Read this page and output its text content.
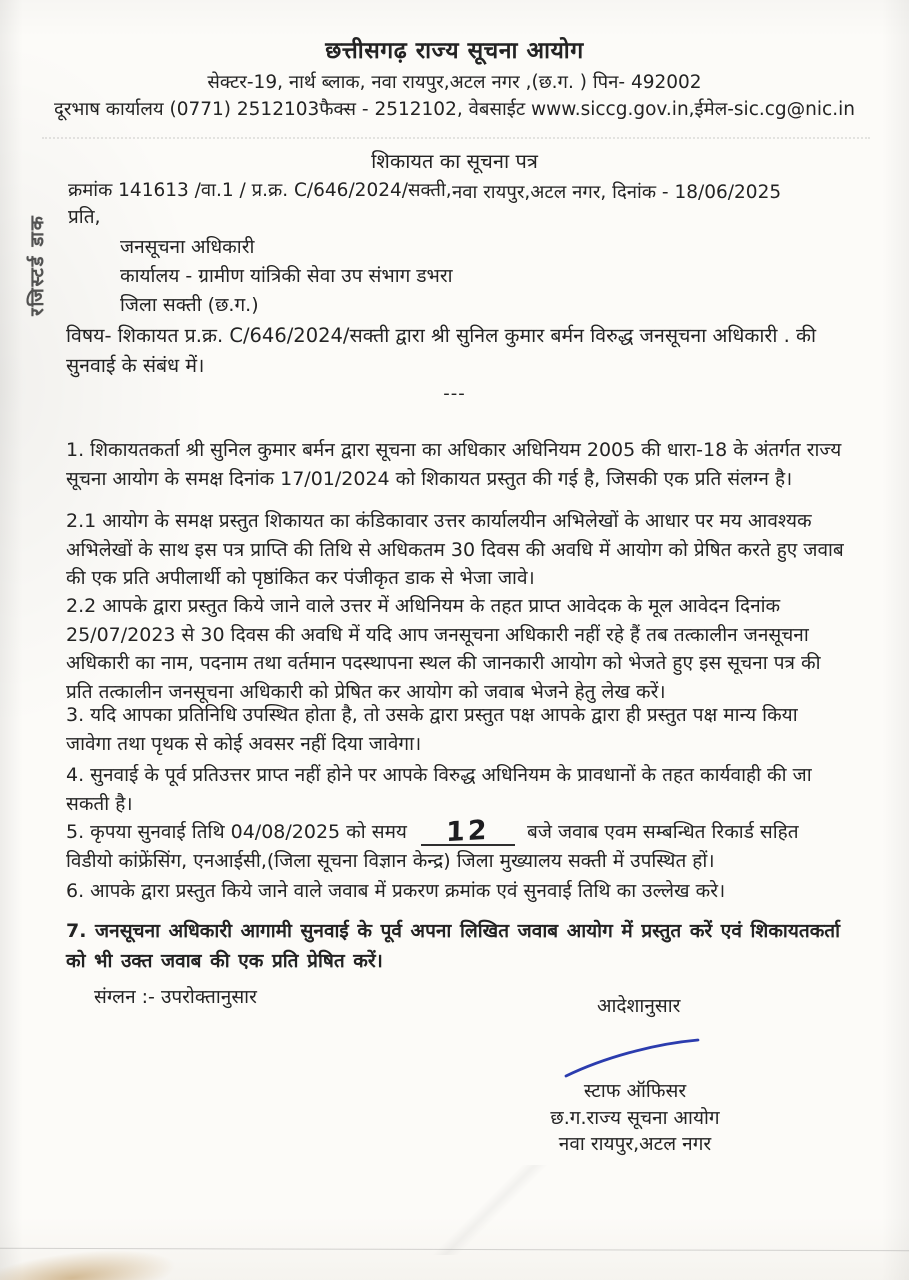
रजिस्टर्ड डाक
छत्तीसगढ़ राज्य सूचना आयोग
सेक्टर-19, नार्थ ब्लाक, नवा रायपुर,अटल नगर ,(छ.ग. ) पिन- 492002
दूरभाष कार्यालय (0771) 2512103फैक्स - 2512102, वेबसाईट www.siccg.gov.in,ईमेल-sic.cg@nic.in
शिकायत का सूचना पत्र
क्रमांक 141613 /वा.1 / प्र.क्र. C/646/2024/सक्ती, नवा रायपुर,अटल नगर, दिनांक - 18/06/2025
प्रति,
जनसूचना अधिकारी
कार्यालय - ग्रामीण यांत्रिकी सेवा उप संभाग डभरा
जिला सक्ती (छ.ग.)
विषय- शिकायत प्र.क्र. C/646/2024/सक्ती द्वारा श्री सुनिल कुमार बर्मन विरुद्ध जनसूचना अधिकारी . की सुनवाई के संबंध में।
---
1. शिकायतकर्ता श्री सुनिल कुमार बर्मन द्वारा सूचना का अधिकार अधिनियम 2005 की धारा-18 के अंतर्गत राज्य सूचना आयोग के समक्ष दिनांक 17/01/2024 को शिकायत प्रस्तुत की गई है, जिसकी एक प्रति संलग्न है।
2.1 आयोग के समक्ष प्रस्तुत शिकायत का कंडिकावार उत्तर कार्यालयीन अभिलेखों के आधार पर मय आवश्यक अभिलेखों के साथ इस पत्र प्राप्ति की तिथि से अधिकतम 30 दिवस की अवधि में आयोग को प्रेषित करते हुए जवाब की एक प्रति अपीलार्थी को पृष्ठांकित कर पंजीकृत डाक से भेजा जावे।
2.2 आपके द्वारा प्रस्तुत किये जाने वाले उत्तर में अधिनियम के तहत प्राप्त आवेदक के मूल आवेदन दिनांक 25/07/2023 से 30 दिवस की अवधि में यदि आप जनसूचना अधिकारी नहीं रहे हैं तब तत्कालीन जनसूचना अधिकारी का नाम, पदनाम तथा वर्तमान पदस्थापना स्थल की जानकारी आयोग को भेजते हुए इस सूचना पत्र की प्रति तत्कालीन जनसूचना अधिकारी को प्रेषित कर आयोग को जवाब भेजने हेतु लेख करें।
3. यदि आपका प्रतिनिधि उपस्थित होता है, तो उसके द्वारा प्रस्तुत पक्ष आपके द्वारा ही प्रस्तुत पक्ष मान्य किया जावेगा तथा पृथक से कोई अवसर नहीं दिया जावेगा।
4. सुनवाई के पूर्व प्रतिउत्तर प्राप्त नहीं होने पर आपके विरुद्ध अधिनियम के प्रावधानों के तहत कार्यवाही की जा सकती है।
5. कृपया सुनवाई तिथि 04/08/2025 को समय 12 बजे जवाब एवम सम्बन्धित रिकार्ड सहित विडीयो कांफ्रेंसिंग, एनआईसी,(जिला सूचना विज्ञान केन्द्र) जिला मुख्यालय सक्ती में उपस्थित हों।
6. आपके द्वारा प्रस्तुत किये जाने वाले जवाब में प्रकरण क्रमांक एवं सुनवाई तिथि का उल्लेख करे।
7. जनसूचना अधिकारी आगामी सुनवाई के पूर्व अपना लिखित जवाब आयोग में प्रस्तुत करें एवं शिकायतकर्ता को भी उक्त जवाब की एक प्रति प्रेषित करें।
संग्लन :- उपरोक्तानुसार	आदेशानुसार
स्टाफ ऑफिसर
छ.ग.राज्य सूचना आयोग
नवा रायपुर,अटल नगर
